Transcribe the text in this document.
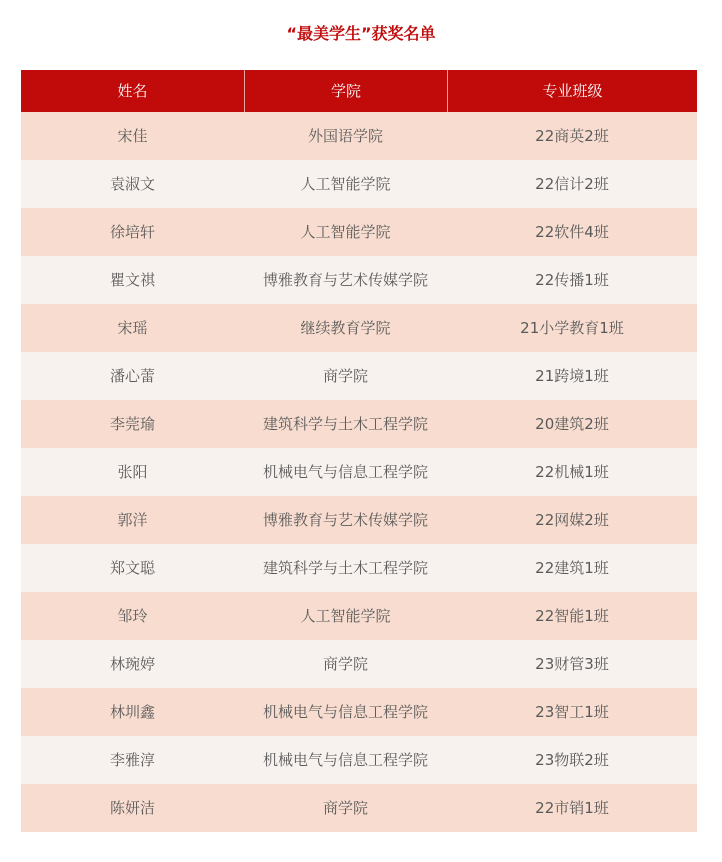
“最美学生”获奖名单
姓名	学院	专业班级
宋佳	外国语学院	22商英2班
袁淑文	人工智能学院	22信计2班
徐培轩	人工智能学院	22软件4班
瞿文祺	博雅教育与艺术传媒学院	22传播1班
宋瑶	继续教育学院	21小学教育1班
潘心蕾	商学院	21跨境1班
李莞瑜	建筑科学与土木工程学院	20建筑2班
张阳	机械电气与信息工程学院	22机械1班
郭洋	博雅教育与艺术传媒学院	22网媒2班
郑文聪	建筑科学与土木工程学院	22建筑1班
邹玲	人工智能学院	22智能1班
林琬婷	商学院	23财管3班
林圳鑫	机械电气与信息工程学院	23智工1班
李雅淳	机械电气与信息工程学院	23物联2班
陈妍洁	商学院	22市销1班
